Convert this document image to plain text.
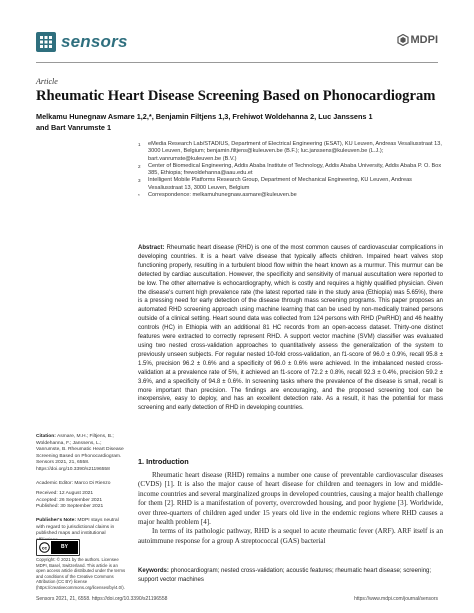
sensors	MDPI
Article
Rheumatic Heart Disease Screening Based on Phonocardiogram
Melkamu Hunegnaw Asmare 1,2,*, Benjamin Filtjens 1,3, Frehiwot Woldehanna 2, Luc Janssens 1
and Bart Vanrumste 1
1	eMedia Research Lab/STADIUS, Department of Electrical Engineering (ESAT), KU Leuven, Andreas Vesaliusstraat 13, 3000 Leuven, Belgium; benjamin.filtjens@kuleuven.be (B.F.); luc.janssens@kuleuven.be (L.J.); bart.vanrumste@kuleuven.be (B.V.)
2	Center of Biomedical Engineering, Addis Ababa Institute of Technology, Addis Ababa University, Addis Ababa P. O. Box 385, Ethiopia; frewoldehanna@aau.edu.et
3	Intelligent Mobile Platforms Research Group, Department of Mechanical Engineering, KU Leuven, Andreas Vesaliusstraat 13, 3000 Leuven, Belgium
*	Correspondence: melkamuhunegnaw.asmare@kuleuven.be
Abstract: Rheumatic heart disease (RHD) is one of the most common causes of cardiovascular complications in developing countries. It is a heart valve disease that typically affects children. Impaired heart valves stop functioning properly, resulting in a turbulent blood flow within the heart known as a murmur. This murmur can be detected by cardiac auscultation. However, the specificity and sensitivity of manual auscultation were reported to be low. The other alternative is echocardiography, which is costly and requires a highly qualified physician. Given the disease's current high prevalence rate (the latest reported rate in the study area (Ethiopia) was 5.65%), there is a pressing need for early detection of the disease through mass screening programs. This paper proposes an automated RHD screening approach using machine learning that can be used by non-medically trained persons outside of a clinical setting. Heart sound data was collected from 124 persons with RHD (PwRHD) and 46 healthy controls (HC) in Ethiopia with an additional 81 HC records from an open-access dataset. Thirty-one distinct features were extracted to correctly represent RHD. A support vector machine (SVM) classifier was evaluated using two nested cross-validation approaches to quantitatively assess the generalization of the system to previously unseen subjects. For regular nested 10-fold cross-validation, an f1-score of 96.0 ± 0.9%, recall 95.8 ± 1.5%, precision 96.2 ± 0.6% and a specificity of 96.0 ± 0.6% were achieved. In the imbalanced nested cross-validation at a prevalence rate of 5%, it achieved an f1-score of 72.2 ± 0.8%, recall 92.3 ± 0.4%, precision 59.2 ± 3.6%, and a specificity of 94.8 ± 0.6%. In screening tasks where the prevalence of the disease is small, recall is more important than precision. The findings are encouraging, and the proposed screening tool can be inexpensive, easy to deploy, and has an excellent detection rate. As a result, it has the potential for mass screening and early detection of RHD in developing countries.
Keywords: phonocardiogram; nested cross-validation; acoustic features; rheumatic heart disease; screening; support vector machines
Citation: Asmare, M.H.; Filtjens, B.; Woldehanna, F.; Janssens, L.; Vanrumste, B. Rheumatic Heart Disease Screening Based on Phonocardiogram. Sensors 2021, 21, 6558. https://doi.org/10.3390/s21196558
Academic Editor: Marco Di Rienzo
Received: 12 August 2021
Accepted: 26 September 2021
Published: 30 September 2021
Publisher's Note: MDPI stays neutral with regard to jurisdictional claims in published maps and institutional
cc	BY
Copyright: © 2021 by the authors. Licensee MDPI, Basel, Switzerland. This article is an open access article distributed under the terms and conditions of the Creative Commons Attribution (CC BY) license (https://creativecommons.org/licenses/by/4.0/).
1. Introduction

Rheumatic heart disease (RHD) remains a number one cause of preventable cardiovascular diseases (CVDS) [1]. It is also the major cause of heart disease for children and teenagers in low and middle-income countries and several marginalized groups in developed countries, causing a major health challenge for them [2]. RHD is a manifestation of poverty, overcrowded housing, and poor hygiene [3]. Worldwide, over three-quarters of children aged under 15 years old live in the endemic regions where RHD causes a major health problem [4].

In terms of its pathologic pathway, RHD is a sequel to acute rheumatic fever (ARF). ARF itself is an autoimmune response for a group A streptococcal (GAS) bacterial

Sensors 2021, 21, 6558. https://doi.org/10.3390/s21196558	https://www.mdpi.com/journal/sensors
